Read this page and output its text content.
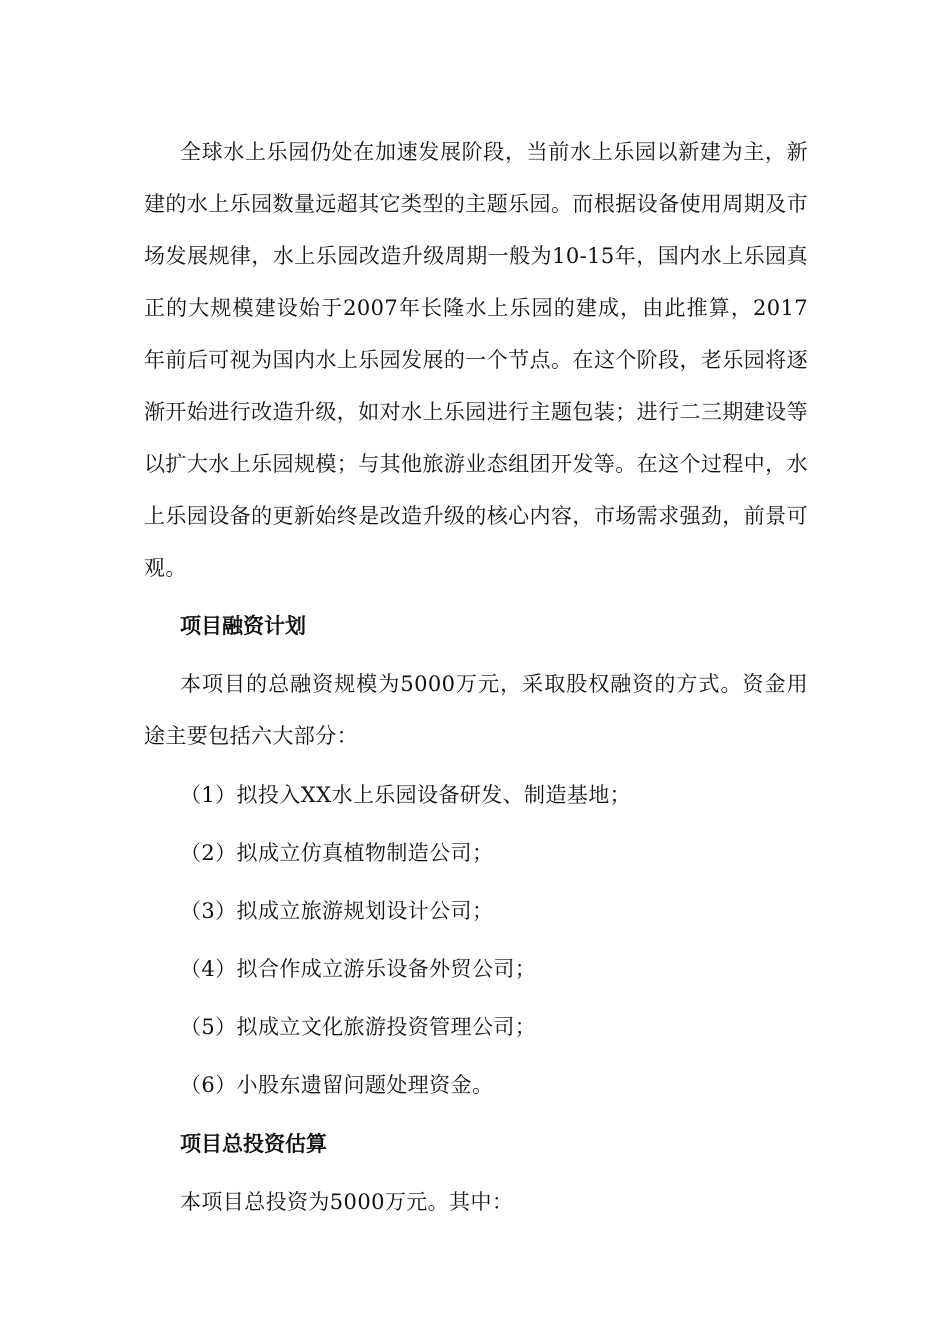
全球水上乐园仍处在加速发展阶段，当前水上乐园以新建为主，新建的水上乐园数量远超其它类型的主题乐园。而根据设备使用周期及市场发展规律，水上乐园改造升级周期一般为10-15年，国内水上乐园真正的大规模建设始于2007年长隆水上乐园的建成，由此推算，2017年前后可视为国内水上乐园发展的一个节点。在这个阶段，老乐园将逐渐开始进行改造升级，如对水上乐园进行主题包装；进行二三期建设等以扩大水上乐园规模；与其他旅游业态组团开发等。在这个过程中，水上乐园设备的更新始终是改造升级的核心内容，市场需求强劲，前景可观。

项目融资计划

本项目的总融资规模为5000万元，采取股权融资的方式。资金用途主要包括六大部分：

（1）拟投入XX水上乐园设备研发、制造基地；
（2）拟成立仿真植物制造公司；
（3）拟成立旅游规划设计公司；
（4）拟合作成立游乐设备外贸公司；
（5）拟成立文化旅游投资管理公司；
（6）小股东遗留问题处理资金。

项目总投资估算

本项目总投资为5000万元。其中：
